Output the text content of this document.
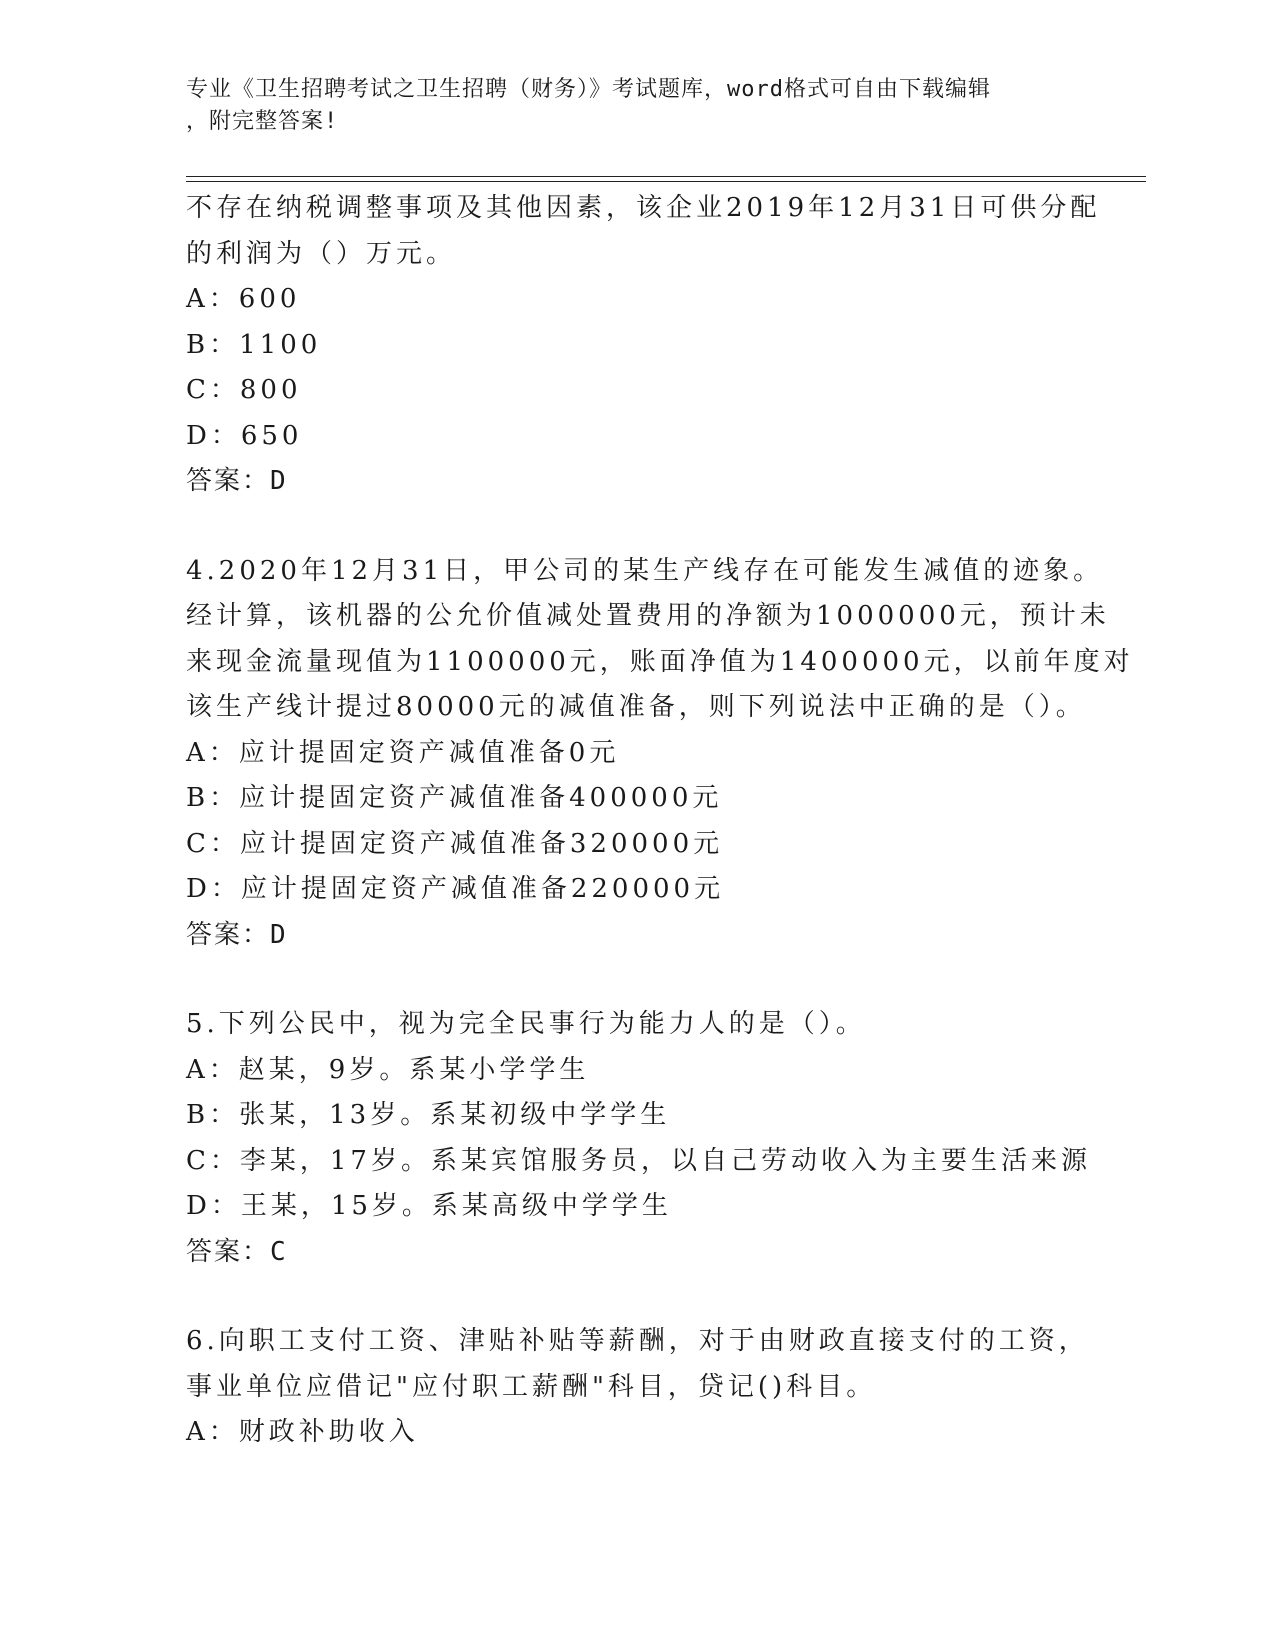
专业《卫生招聘考试之卫生招聘（财务）》考试题库，word格式可自由下载编辑
，附完整答案!
不存在纳税调整事项及其他因素，该企业2019年12月31日可供分配
的利润为（）万元。
A：600
B：1100
C：800
D：650
答案：D
4.2020年12月31日，甲公司的某生产线存在可能发生减值的迹象。
经计算，该机器的公允价值减处置费用的净额为1000000元，预计未
来现金流量现值为1100000元，账面净值为1400000元，以前年度对
该生产线计提过80000元的减值准备，则下列说法中正确的是（）。
A：应计提固定资产减值准备0元
B：应计提固定资产减值准备400000元
C：应计提固定资产减值准备320000元
D：应计提固定资产减值准备220000元
答案：D
5.下列公民中，视为完全民事行为能力人的是（）。
A：赵某，9岁。系某小学学生
B：张某，13岁。系某初级中学学生
C：李某，17岁。系某宾馆服务员，以自己劳动收入为主要生活来源
D：王某，15岁。系某高级中学学生
答案：C
6.向职工支付工资、津贴补贴等薪酬，对于由财政直接支付的工资，
事业单位应借记"应付职工薪酬"科目，贷记()科目。
A：财政补助收入
